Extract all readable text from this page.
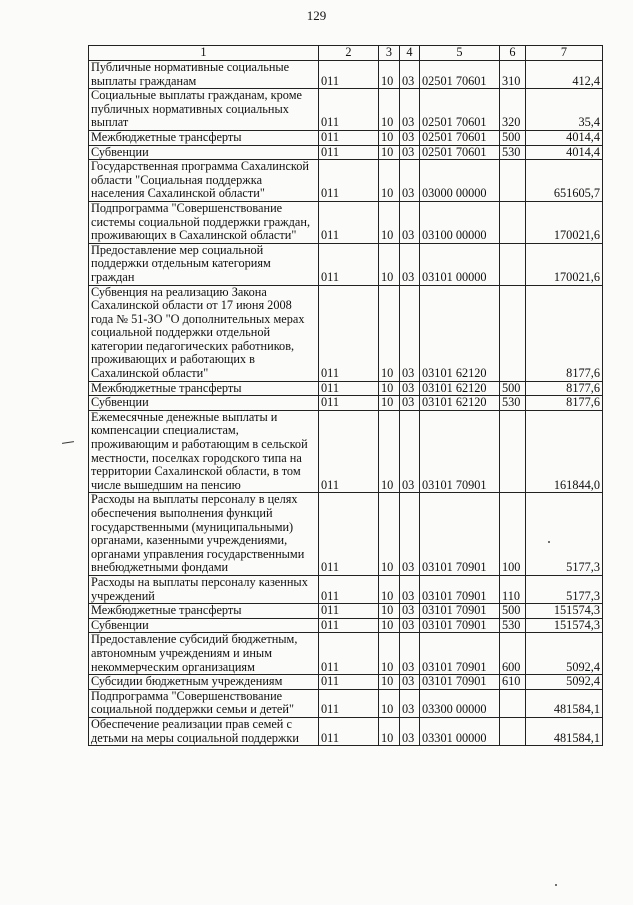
129
1	2	3	4	5	6	7
Публичные нормативные социальные выплаты гражданам	011	10	03	02501 70601	310	412,4
Социальные выплаты гражданам, кроме публичных нормативных социальных выплат	011	10	03	02501 70601	320	35,4
Межбюджетные трансферты	011	10	03	02501 70601	500	4014,4
Субвенции	011	10	03	02501 70601	530	4014,4
Государственная программа Сахалинской области "Социальная поддержка населения Сахалинской области"	011	10	03	03000 00000		651605,7
Подпрограмма "Совершенствование системы социальной поддержки граждан, проживающих в Сахалинской области"	011	10	03	03100 00000		170021,6
Предоставление мер социальной поддержки отдельным категориям граждан	011	10	03	03101 00000		170021,6
Субвенция на реализацию Закона Сахалинской области от 17 июня 2008 года № 51-ЗО "О дополнительных мерах социальной поддержки отдельной категории педагогических работников, проживающих и работающих в Сахалинской области"	011	10	03	03101 62120		8177,6
Межбюджетные трансферты	011	10	03	03101 62120	500	8177,6
Субвенции	011	10	03	03101 62120	530	8177,6
Ежемесячные денежные выплаты и компенсации специалистам, проживающим и работающим в сельской местности, поселках городского типа на территории Сахалинской области, в том числе вышедшим на пенсию	011	10	03	03101 70901		161844,0
Расходы на выплаты персоналу в целях обеспечения выполнения функций государственными (муниципальными) органами, казенными учреждениями, органами управления государственными внебюджетными фондами	011	10	03	03101 70901	100	5177,3
Расходы на выплаты персоналу казенных учреждений	011	10	03	03101 70901	110	5177,3
Межбюджетные трансферты	011	10	03	03101 70901	500	151574,3
Субвенции	011	10	03	03101 70901	530	151574,3
Предоставление субсидий бюджетным, автономным учреждениям и иным некоммерческим организациям	011	10	03	03101 70901	600	5092,4
Субсидии бюджетным учреждениям	011	10	03	03101 70901	610	5092,4
Подпрограмма "Совершенствование социальной поддержки семьи и детей"	011	10	03	03300 00000		481584,1
Обеспечение реализации прав семей с детьми на меры социальной поддержки	011	10	03	03301 00000		481584,1
